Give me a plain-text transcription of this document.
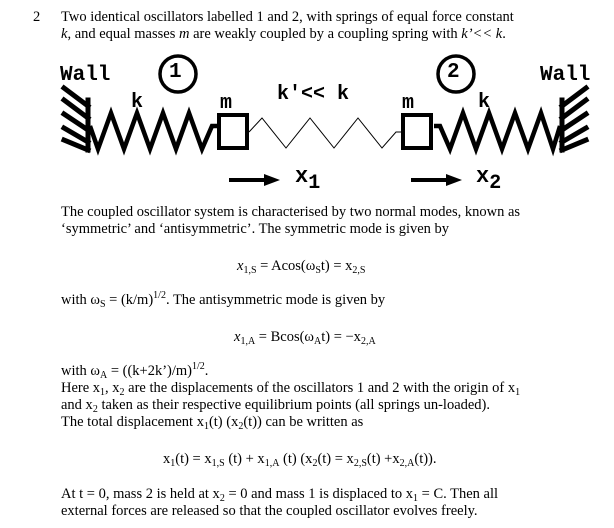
2 Two identical oscillators labelled 1 and 2, with springs of equal force constant
k, and equal masses m are weakly coupled by a coupling spring with k’<< k.
Wall	Wall
1	2
k	k
m	m
k'<< k
x1	x2
The coupled oscillator system is characterised by two normal modes, known as
‘symmetric’ and ‘antisymmetric’. The symmetric mode is given by
$x_{1,S} = Acos(\omega_St) = x_{2,S}$
with $\omega_S = (k/m)^{1/2}$. The antisymmetric mode is given by
$x_{1,A} = Bcos(\omega_At) = -x_{2,A}$
with $\omega_A$ = ((k+2k’)/m)$^{1/2}$.
Here $x_1$, $x_2$ are the displacements of the oscillators 1 and 2 with the origin of $x_1$
and $x_2$ taken as their respective equilibrium points (all springs un-loaded).
The total displacement $x_1(t)$ $(x_2(t))$ can be written as
$x_1(t) = x_{1,S}$ $(t) + x_{1,A}$ (t) $(x_2(t) = x_{2,S}(t) +x_{2,A}(t))$.
At t = 0, mass 2 is held at $x_2 = 0$ and mass 1 is displaced to $x_1 = C$. Then all
external forces are released so that the coupled oscillator evolves freely.
